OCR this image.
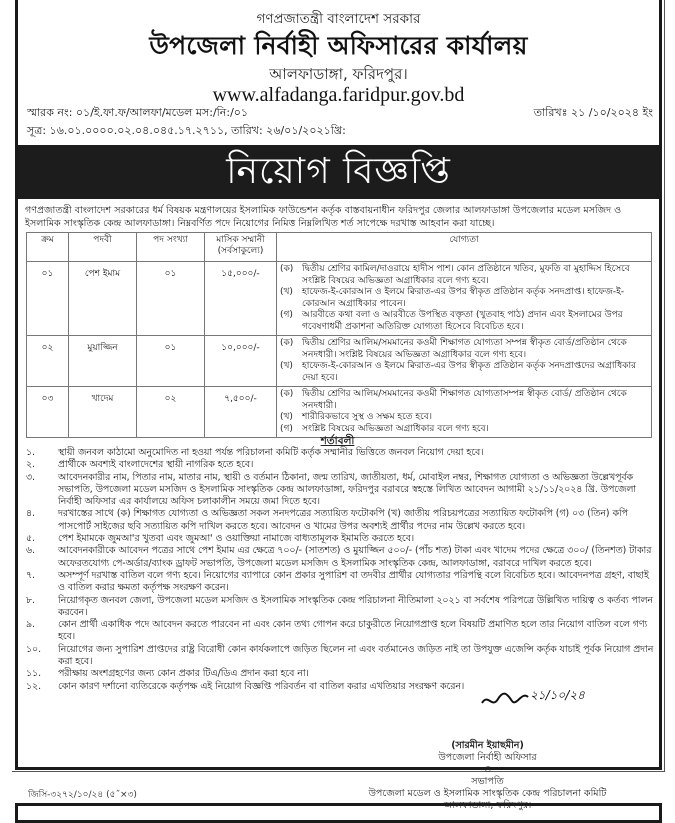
গণপ্রজাতন্ত্রী বাংলাদেশ সরকার
উপজেলা নির্বাহী অফিসারের কার্যালয়
আলফাডাঙ্গা, ফরিদপুর।
www.alfadanga.faridpur.gov.bd
স্মারক নং: ০১/ই.ফা.ফ/আলফা/মডেল মস:/নি:/০১	তারিখঃ ২১ /১০/২০২৪ ইং
সূত্র: ১৬.০১.০০০০.০২.০৪.০৪৫.১৭.২৭১১, তারিখ: ২৬/০১/২০২১খ্রি:
নিয়োগ বিজ্ঞপ্তি
গণপ্রজাতন্ত্রী বাংলাদেশ সরকারের ধর্ম বিষয়ক মন্ত্রণালয়ের ইসলামিক ফাউন্ডেশন কর্তৃক বাস্তবায়নাধীন ফরিদপুর জেলার আলফাডাঙ্গা উপজেলার মডেল মসজিদ ও ইসলামিক সাংস্কৃতিক কেন্দ্র আলফাডাঙ্গা। নিম্নবর্ণিত পদে নিয়োগের নিমিত্ত নিম্নলিখিত শর্ত সাপেক্ষে দরখাস্ত আহবান করা যাচ্ছে।
ক্রম	পদবী	পদ সংখ্যা	মাসিক সম্মানী (সর্বসাকুল্যে)	যোগ্যতা
০১	পেশ ইমাম	০১	১৫,০০০/-	(ক) দ্বিতীয় শ্রেণির কামিল/দাওরায়ে হাদীস পাশ। কোন প্রতিষ্ঠানে খতিব, মুফতি বা মুহাদ্দিস হিসেবে সংশ্লিষ্ট বিষয়ের অভিজ্ঞতা অগ্রাধিকার বলে গণ্য হবে।
(খ)	হাফেজ-ই-কোরআন ও ইলমে ক্বিরাত-এর উপর স্বীকৃত প্রতিষ্ঠান কর্তৃক সনদপ্রাপ্ত। হাফেজ-ই-কোরআন অগ্রাধিকার পাবেন।
(গ)	আরবীতে কথা বলা ও আরবীতে উপস্থিত বক্তৃতা (খুতবাহ পাঠ) প্রদান এবং ইসলামের উপর গবেষণাধর্মী প্রকাশনা অতিরিক্ত যোগ্যতা হিসেবে বিবেচিত হবে।

০২	মুয়াজ্জিন	০১	১০,০০০/-	(ক) দ্বিতীয় শ্রেণির আলিম/সমমানের কওমী শিক্ষাগত যোগ্যতা সম্পন্ন স্বীকৃত বোর্ড/প্রতিষ্ঠান থেকে সনদধারী। সংশ্লিষ্ট বিষয়ের অভিজ্ঞতা অগ্রাধিকার বলে গণ্য হবে।
(খ) হাফেজ-ই-কোরআন ও ইলমে ক্বিরাত-এর উপর স্বীকৃত প্রতিষ্ঠান কর্তৃক সনদপ্রাপ্তদের অগ্রাধিকার দেয়া হবে।

০৩	খাদেম	০২	৭,৫০০/-	(ক) দ্বিতীয় শ্রেণির আলিম/সমমানের কওমী শিক্ষাগত যোগ্যতাসম্পন্ন স্বীকৃত বোর্ড/ প্রতিষ্ঠান থেকে সনদধারী।
(খ)	শারীরিকভাবে সুস্থ ও সক্ষম হতে হবে।
(গ)	সংশ্লিষ্ট বিষয়ের অভিজ্ঞতা অগ্রাধিকার বলে গণ্য হবে।
শর্তাবলী
১.	স্থায়ী জনবল কাঠামো অনুমোদিত না হওয়া পর্যন্ত পরিচালনা কমিটি কর্তৃক সম্মানীর ভিত্তিতে জনবল নিয়োগ দেয়া হবে।
২.	প্রার্থীকে অবশ্যই বাংলাদেশের স্থায়ী নাগরিক হতে হবে।
৩.	আবেদনকারীর নাম, পিতার নাম, মাতার নাম, স্থায়ী ও বর্তমান ঠিকানা, জন্ম তারিখ, জাতীয়তা, ধর্ম, মোবাইল নম্বর, শিক্ষাগত যোগ্যতা ও অভিজ্ঞতা উল্লেখপূর্বক সভাপতি, উপজেলা মডেল মসজিদ ও ইসলামিক সাংস্কৃতিক কেন্দ্র আলফাডাঙ্গা, ফরিদপুর বরাবরে স্বহস্তে লিখিত আবেদন আগামী ২১/১১/২০২৪ খ্রি. উপজেলা নির্বাহী অফিসার এর কার্যালয়ে অফিস চলাকালীন সময়ে জমা দিতে হবে।
৪.	দরখাস্তের সাথে (ক) শিক্ষাগত যোগ্যতা ও অভিজ্ঞতা সকল সনদপত্রের সত্যায়িত ফটোকপি (খ) জাতীয় পরিচয়পত্রের সত্যায়িত ফটোকপি (গ) ০৩ (তিন) কপি পাসপোর্ট সাইজের ছবি সত্যায়িত কপি দাখিল করতে হবে। আবেদন ও খামের উপর অবশ্যই প্রার্থীর পদের নাম উল্লেখ করতে হবে।
৫.	পেশ ইমামকে জুমআ'র খুতবা এবং জুমআ' ও ওয়াক্তিয়া নামাজে বাধ্যতামূলক ইমামতি করতে হবে।
৬.	আবেদনকারীকে আবেদন পত্রের সাথে পেশ ইমাম এর ক্ষেত্রে ৭০০/- (সাতশত) ও মুয়াজ্জিন ৫০০/- (পাঁচ শত) টাকা এবং খাদেম পদের ক্ষেত্রে ৩০০/ (তিনশত) টাকার অফেরতযোগ্য পে-অর্ডার/ব্যাংক ড্রাফট সভাপতি, উপজেলা মডেল মসজিদ ও ইসলামিক সাংস্কৃতিক কেন্দ্র, আলফাডাঙ্গা, বরাবরে দাখিল করতে হবে।
৭.	অসম্পূর্ণ দরখাস্ত বাতিল বলে গণ্য হবে। নিয়োগের ব্যাপারে কোন প্রকার সুপারিশ বা তদবীর প্রার্থীর যোগ্যতার পরিপন্থি বলে বিবেচিত হবে। আবেদনপত্র গ্রহণ, বাছাই ও বাতিল করার ক্ষমতা কর্তৃপক্ষ সংরক্ষণ করেন।
৮.	নিয়োগকৃত জনবল জেলা, উপজেলা মডেল মসজিদ ও ইসলামিক সাংস্কৃতিক কেন্দ্র পরিচালনা নীতিমালা ২০২১ বা সর্বশেষ পরিপত্রে উল্লিখিত দায়িত্ব ও কর্তব্য পালন করবেন।
৯.	কোন প্রার্থী একাধিক পদে আবেদন করতে পারবেন না এবং কোন তথ্য গোপন করে চাকুরীতে নিয়োগপ্রাপ্ত হলে বিষয়টি প্রমাণিত হলে তার নিয়োগ বাতিল বলে গণ্য হবে।
১০.	নিয়োগের জন্য সুপারিশ প্রাপ্তদের রাষ্ট্র বিরোধী কোন কার্যকলাপে জড়িত ছিলেন না এবং বর্তমানেও জড়িত নাই তা উপযুক্ত এজেন্সি কর্তৃক যাচাই পূর্বক নিয়োগ প্রদান করা হবে।
১১.	পরীক্ষায় অংশগ্রহণের জন্য কোন প্রকার টিএ/ডিএ প্রদান করা হবে না।
১২.	কোন কারণ দর্শানো ব্যতিরেকে কর্তৃপক্ষ এই নিয়োগ বিজ্ঞপ্তি পরিবর্তন বা বাতিল করার এখতিয়ার সংরক্ষণ করেন।
২১/১০/২৪
(সারমীন ইয়াছমীন)
উপজেলা নির্বাহী অফিসার
ও
সভাপতি
উপজেলা মডেল ও ইসলামিক সাংস্কৃতিক কেন্দ্র পরিচালনা কমিটি
আলফাডাঙ্গা, ফরিদপুর।
জিসি-৩২৭২/১০/২৪ (৫˝×৩)
